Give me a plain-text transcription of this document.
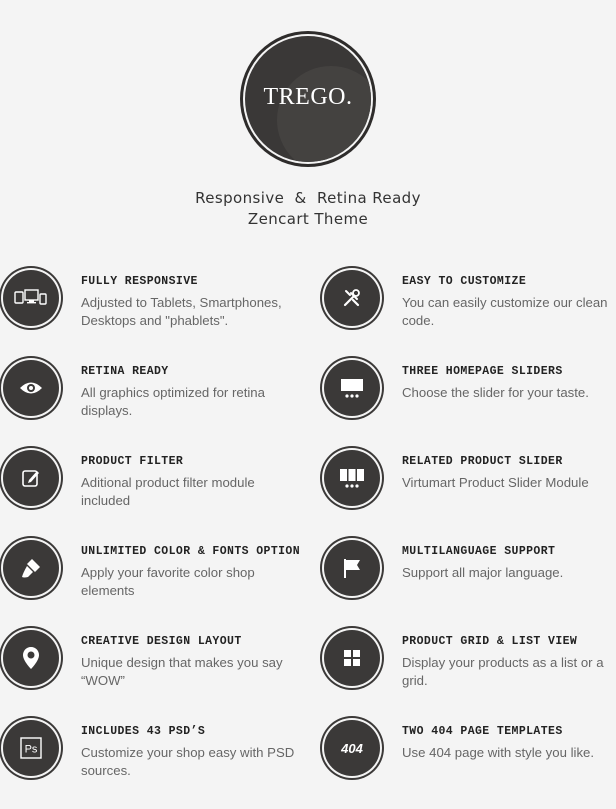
TREGO.
Responsive  &  Retina Ready
Zencart Theme
FULLY RESPONSIVE
Adjusted to Tablets, Smartphones, Desktops and "phablets".
EASY TO CUSTOMIZE
You can easily customize our clean code.
RETINA READY
All graphics optimized for retina displays.
THREE HOMEPAGE SLIDERS
Choose the slider for your taste.
PRODUCT FILTER
Aditional product filter module included
RELATED PRODUCT SLIDER
Virtumart Product Slider Module
UNLIMITED COLOR & FONTS OPTION
Apply your favorite color shop elements
MULTILANGUAGE SUPPORT
Support all major language.
CREATIVE DESIGN LAYOUT
Unique design that makes you say “WOW”
PRODUCT GRID & LIST VIEW
Display your products as a list or a grid.
Ps
INCLUDES 43 PSD’S
Customize your shop easy with PSD sources.
404
TWO 404 PAGE TEMPLATES
Use 404 page with style you like.
